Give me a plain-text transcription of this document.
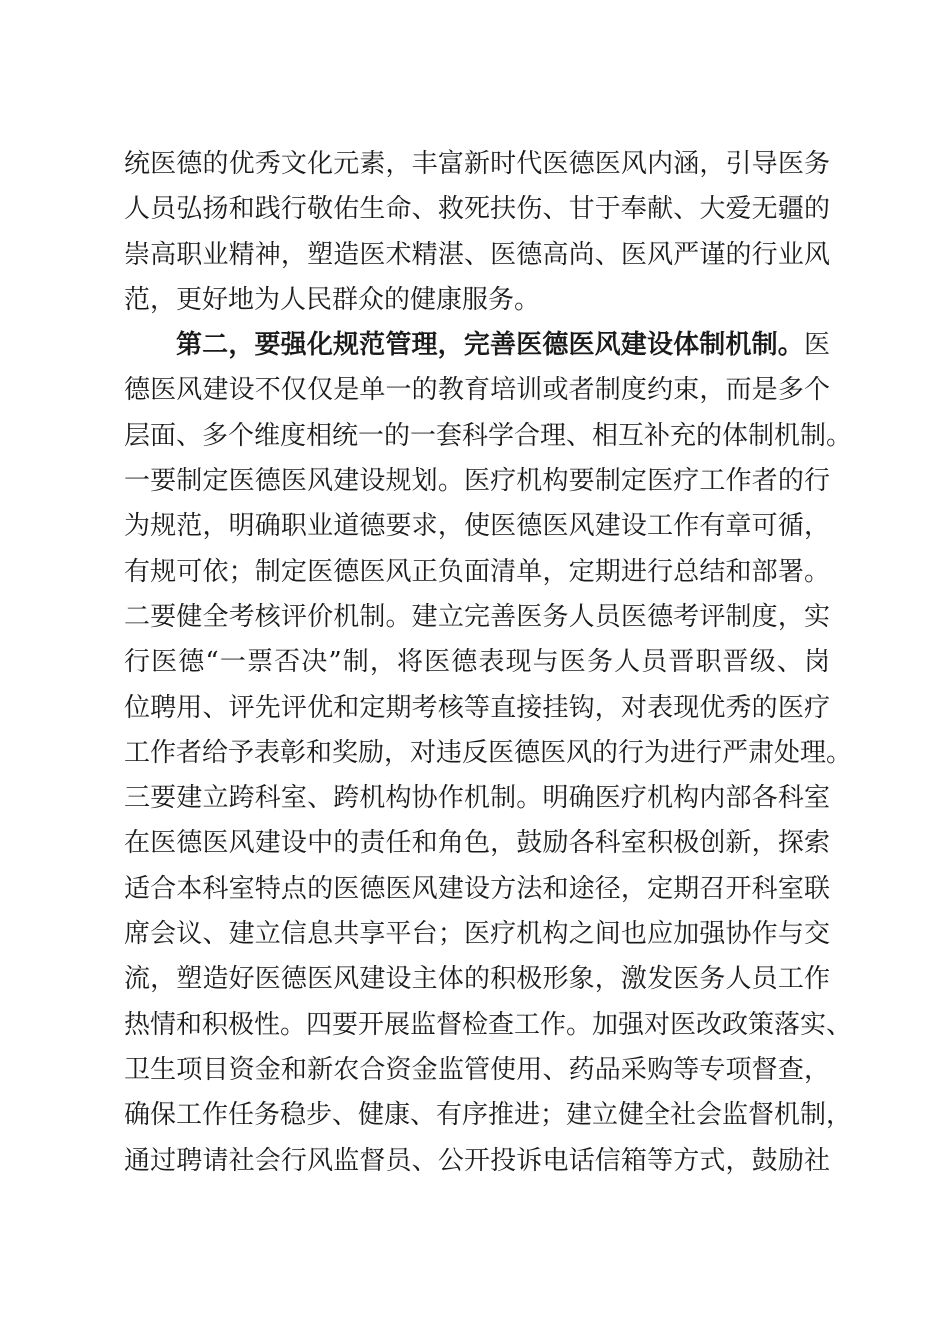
统医德的优秀文化元素，丰富新时代医德医风内涵，引导医务
人员弘扬和践行敬佑生命、救死扶伤、甘于奉献、大爱无疆的
崇高职业精神，塑造医术精湛、医德高尚、医风严谨的行业风
范，更好地为人民群众的健康服务。
第二，要强化规范管理，完善医德医风建设体制机制。医
德医风建设不仅仅是单一的教育培训或者制度约束，而是多个
层面、多个维度相统一的一套科学合理、相互补充的体制机制。
一要制定医德医风建设规划。医疗机构要制定医疗工作者的行
为规范，明确职业道德要求，使医德医风建设工作有章可循，
有规可依；制定医德医风正负面清单，定期进行总结和部署。
二要健全考核评价机制。建立完善医务人员医德考评制度，实
行医德“一票否决”制，将医德表现与医务人员晋职晋级、岗
位聘用、评先评优和定期考核等直接挂钩，对表现优秀的医疗
工作者给予表彰和奖励，对违反医德医风的行为进行严肃处理。
三要建立跨科室、跨机构协作机制。明确医疗机构内部各科室
在医德医风建设中的责任和角色，鼓励各科室积极创新，探索
适合本科室特点的医德医风建设方法和途径，定期召开科室联
席会议、建立信息共享平台；医疗机构之间也应加强协作与交
流，塑造好医德医风建设主体的积极形象，激发医务人员工作
热情和积极性。四要开展监督检查工作。加强对医改政策落实、
卫生项目资金和新农合资金监管使用、药品采购等专项督查，
确保工作任务稳步、健康、有序推进；建立健全社会监督机制，
通过聘请社会行风监督员、公开投诉电话信箱等方式，鼓励社
